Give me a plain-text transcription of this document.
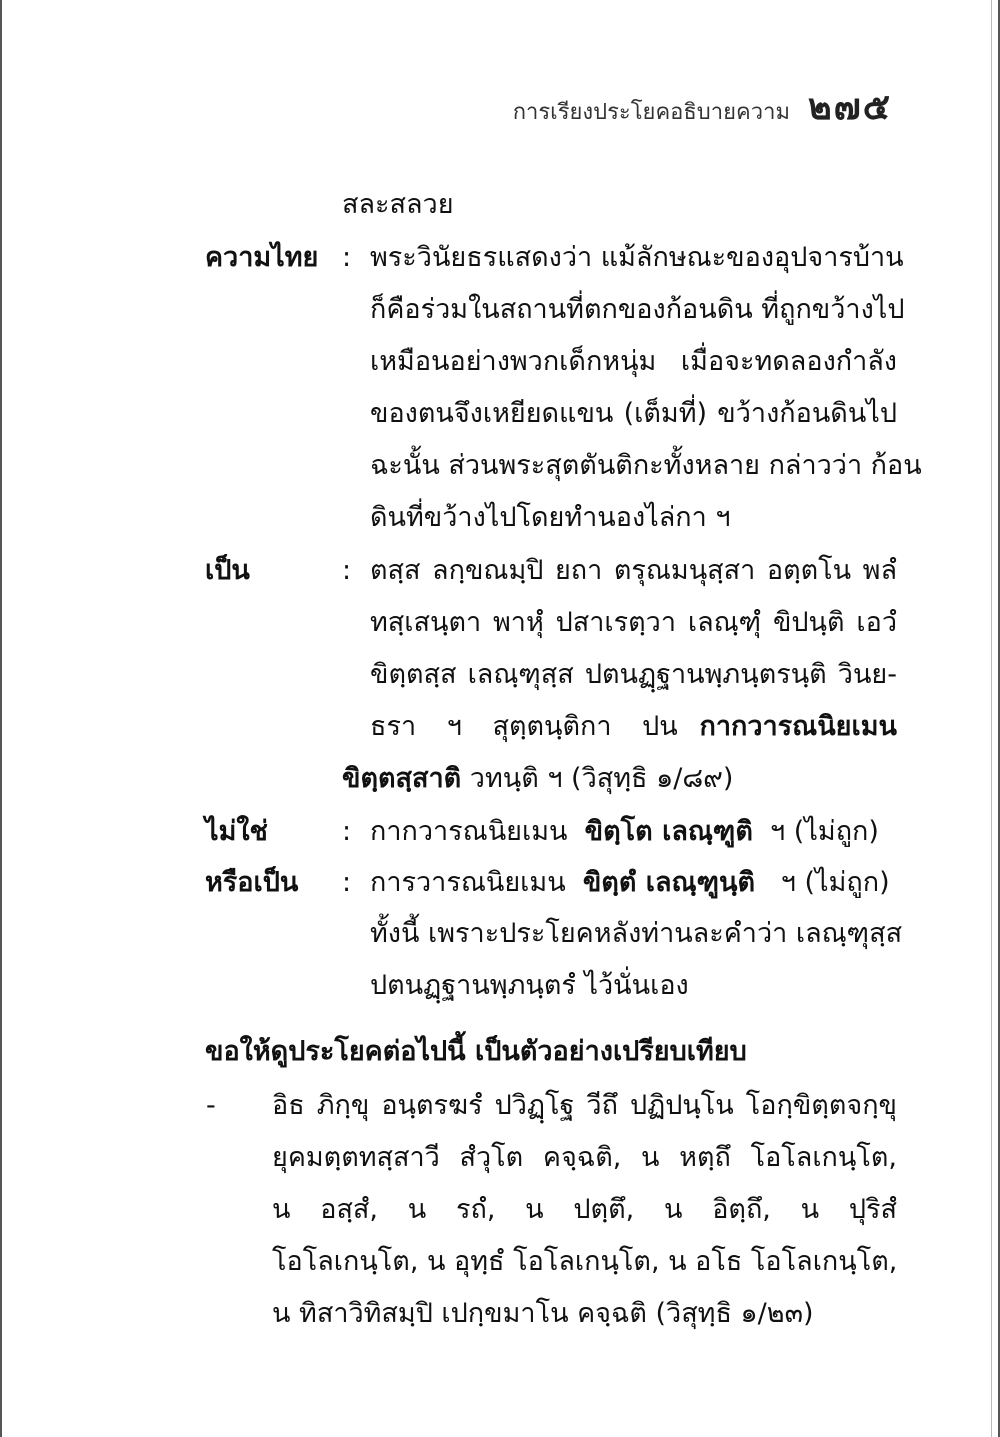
การเรียงประโยคอธิบายความ ๒๗๕
สละสลวย
ความไทย : พระวินัยธรแสดงว่า แม้ลักษณะของอุปจารบ้าน
ก็คือร่วมในสถานที่ตกของก้อนดิน ที่ถูกขว้างไป
เหมือนอย่างพวกเด็กหนุ่ม เมื่อจะทดลองกำลัง
ของตนจึงเหยียดแขน (เต็มที่) ขว้างก้อนดินไป
ฉะนั้น ส่วนพระสุตตันติกะทั้งหลาย กล่าวว่า ก้อน
ดินที่ขว้างไปโดยทำนองไล่กา ฯ
เป็น	: ตสฺส ลกฺขณมฺปิ ยถา ตรุณมนุสฺสา อตฺตโน พลํ
ทสฺเสนฺตา พาหุํ ปสาเรตฺวา เลณฺฑุํ ขิปนฺติ เอวํ
ขิตฺตสฺส เลณฺฑุสฺส ปตนฏฺฐานพฺภนฺตรนฺติ วินย-
ธรา ฯ สุตฺตนฺติกา ปน กากวารณนิยเมน
ขิตฺตสฺสาติ วทนฺติ ฯ (วิสุทฺธิ ๑/๘๙)
ไม่ใช่	: กากวารณนิยเมน ขิตฺโต เลณฺฑูติ ฯ (ไม่ถูก)
หรือเป็น : การวารณนิยเมน ขิตฺตํ เลณฺฑูนฺติ ฯ (ไม่ถูก)
ทั้งนี้ เพราะประโยคหลังท่านละคำว่า เลณฺฑุสฺส
ปตนฏฺฐานพฺภนฺตรํ ไว้นั่นเอง
ขอให้ดูประโยคต่อไปนี้ เป็นตัวอย่างเปรียบเทียบ
- อิธ ภิกฺขุ อนฺตรฆรํ ปวิฏฺโฐ วีถึ ปฏิปนฺโน โอกฺขิตฺตจกฺขุ
ยุคมตฺตทสฺสาวี สํวุโต คจฺฉติ, น หตฺถึ โอโลเกนฺโต,
น อสฺสํ, น รถํ, น ปตฺตึ, น อิตฺถึ, น ปุริสํ
โอโลเกนฺโต, น อุทฺธํ โอโลเกนฺโต, น อโธ โอโลเกนฺโต,
น ทิสาวิทิสมฺปิ เปกฺขมาโน คจฺฉติ (วิสุทฺธิ ๑/๒๓)
